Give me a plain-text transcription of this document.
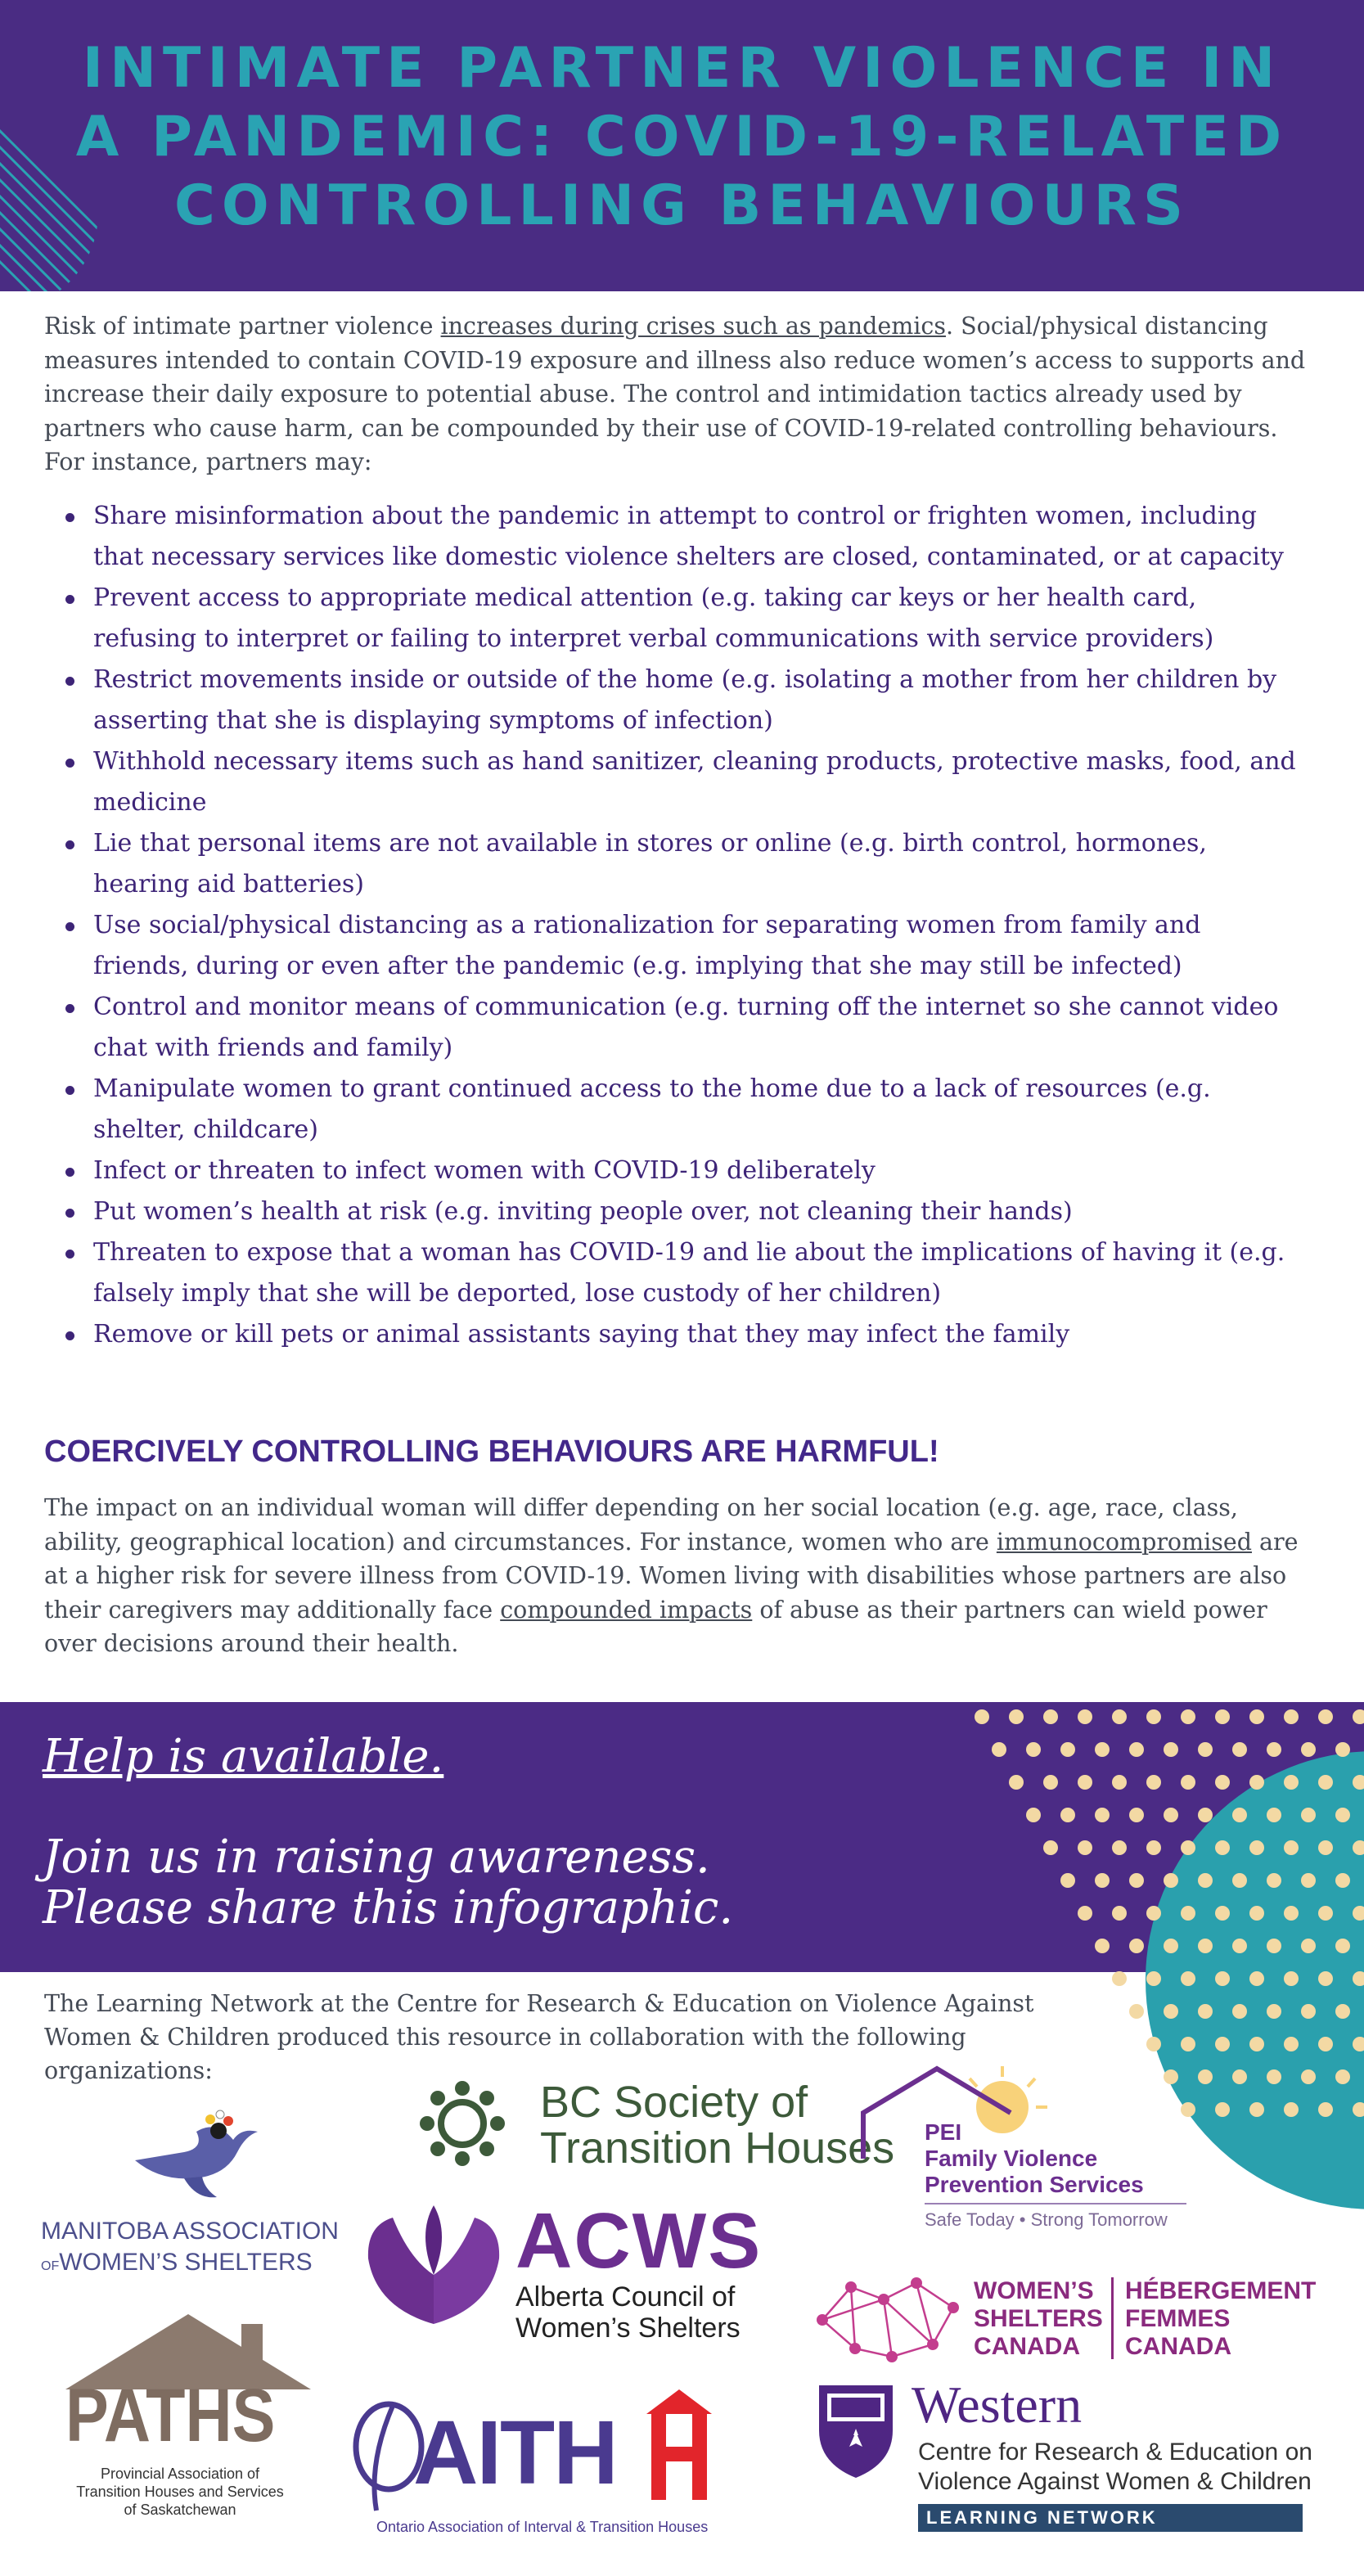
INTIMATE PARTNER VIOLENCE IN
A PANDEMIC: COVID-19-RELATED
CONTROLLING BEHAVIOURS

Risk of intimate partner violence increases during crises such as pandemics. Social/physical distancing measures intended to contain COVID-19 exposure and illness also reduce women’s access to supports and increase their daily exposure to potential abuse. The control and intimidation tactics already used by partners who cause harm, can be compounded by their use of COVID-19-related controlling behaviours. For instance, partners may:

Share misinformation about the pandemic in attempt to control or frighten women, including that necessary services like domestic violence shelters are closed, contaminated, or at capacity
Prevent access to appropriate medical attention (e.g. taking car keys or her health card, refusing to interpret or failing to interpret verbal communications with service providers)
Restrict movements inside or outside of the home (e.g. isolating a mother from her children by asserting that she is displaying symptoms of infection)
Withhold necessary items such as hand sanitizer, cleaning products, protective masks, food, and medicine
Lie that personal items are not available in stores or online (e.g. birth control, hormones, hearing aid batteries)
Use social/physical distancing as a rationalization for separating women from family and friends, during or even after the pandemic (e.g. implying that she may still be infected)
Control and monitor means of communication (e.g. turning off the internet so she cannot video chat with friends and family)
Manipulate women to grant continued access to the home due to a lack of resources (e.g. shelter, childcare)
Infect or threaten to infect women with COVID-19 deliberately
Put women’s health at risk (e.g. inviting people over, not cleaning their hands)
Threaten to expose that a woman has COVID-19 and lie about the implications of having it (e.g. falsely imply that she will be deported, lose custody of her children)
Remove or kill pets or animal assistants saying that they may infect the family
COERCIVELY CONTROLLING BEHAVIOURS ARE HARMFUL!

The impact on an individual woman will differ depending on her social location (e.g. age, race, class, ability, geographical location) and circumstances. For instance, women who are immunocompromised are at a higher risk for severe illness from COVID-19. Women living with disabilities whose partners are also their caregivers may additionally face compounded impacts of abuse as their partners can wield power over decisions around their health.

Help is available.

Join us in raising awareness.

Please share this infographic.

The Learning Network at the Centre for Research & Education on Violence Against Women & Children produced this resource in collaboration with the following organizations:

MANITOBA ASSOCIATION
OFWOMEN’S SHELTERS
BC Society of
Transition Houses PEI
Family Violence
Prevention Services
Safe Today • Strong Tomorrow
ACWS
Alberta Council of
Women’s Shelters
WOMEN’S
SHELTERS
CANADA
HÉBERGEMENT
FEMMES
CANADA
PATHS
Provincial Association of
Transition Houses and Services
of Saskatchewan
AITH
Ontario Association of Interval & Transition Houses
Western
Centre for Research & Education on
Violence Against Women & Children
LEARNING NETWORK
